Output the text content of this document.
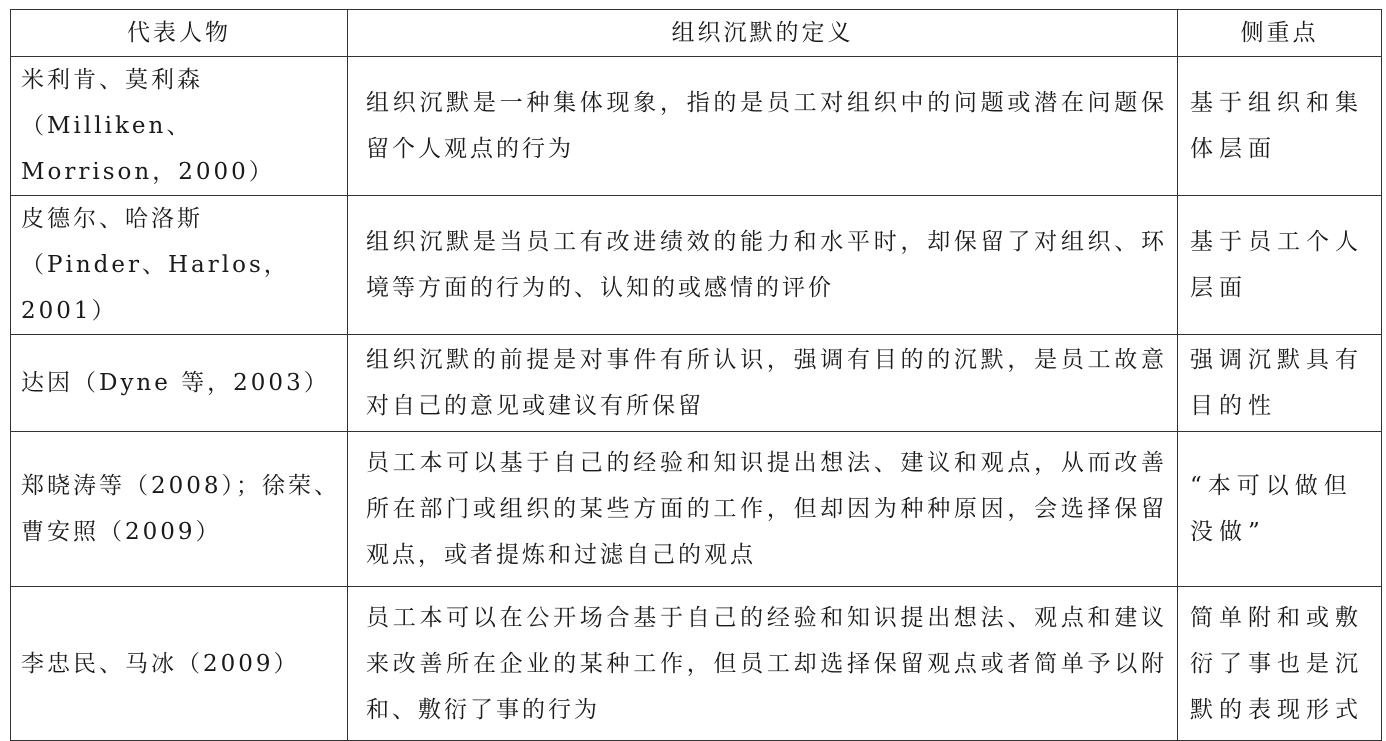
代表人物	组织沉默的定义	侧重点

米利肯、莫利森（Milliken、Morrison，2000）	组织沉默是一种集体现象，指的是员工对组织中的问题或潜在问题保留个人观点的行为	基于组织和集体层面

皮德尔、哈洛斯（Pinder、Harlos，2001）	组织沉默是当员工有改进绩效的能力和水平时，却保留了对组织、环境等方面的行为的、认知的或感情的评价	基于员工个人层面

达因（Dyne 等，2003）	组织沉默的前提是对事件有所认识，强调有目的的沉默，是员工故意对自己的意见或建议有所保留	强调沉默具有目的性

郑晓涛等（2008）；徐荣、曹安照（2009）	员工本可以基于自己的经验和知识提出想法、建议和观点，从而改善所在部门或组织的某些方面的工作，但却因为种种原因，会选择保留观点，或者提炼和过滤自己的观点	“本可以做但没做”

李忠民、马冰（2009）	员工本可以在公开场合基于自己的经验和知识提出想法、观点和建议来改善所在企业的某种工作，但员工却选择保留观点或者简单予以附和、敷衍了事的行为	简单附和或敷衍了事也是沉默的表现形式
